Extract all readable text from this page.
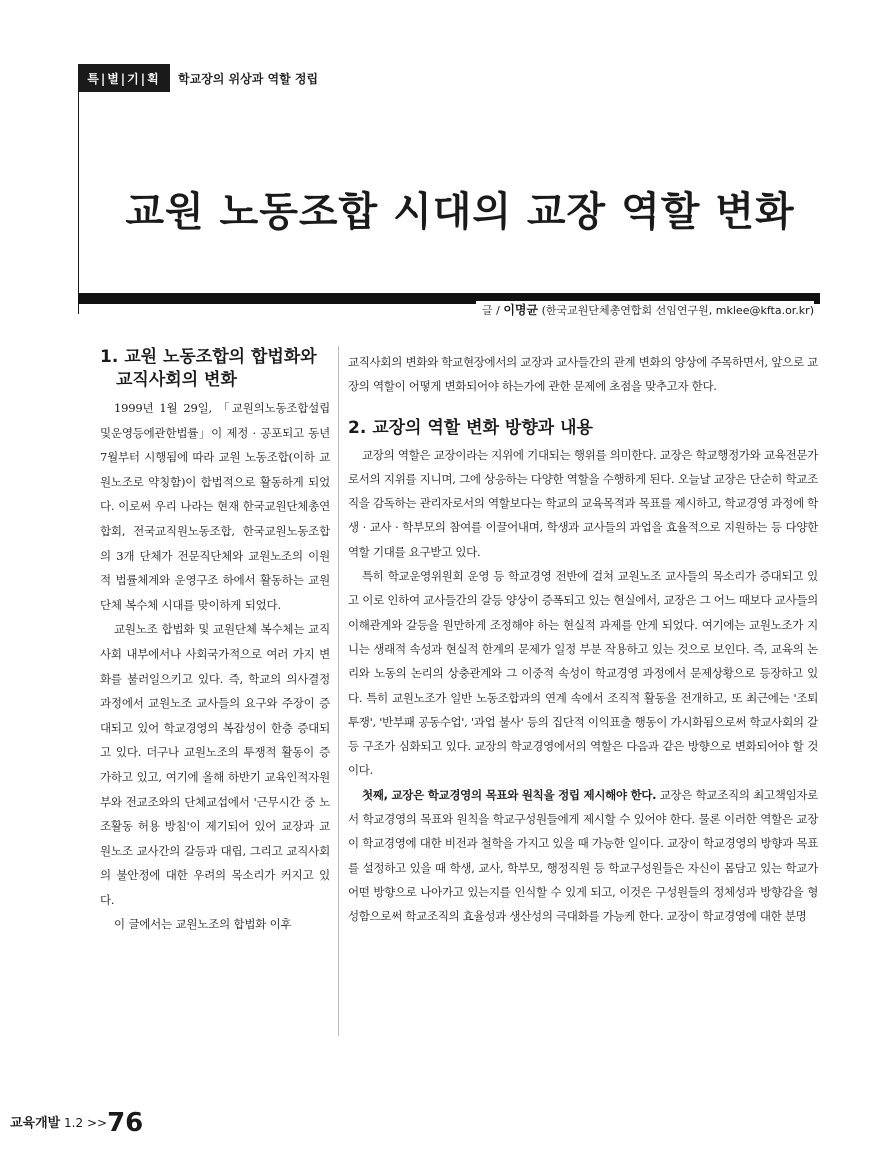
특|별|기|획	학교장의 위상과 역할 정립
교원 노동조합 시대의 교장 역할 변화
글 / 이명균 (한국교원단체총연합회 선임연구원, mklee@kfta.or.kr)
1. 교원 노동조합의 합법화와
교직사회의 변화

1999년 1월 29일, 「교원의노동조합설립및운영등에관한법률」이 제정 · 공포되고 동년 7월부터 시행됨에 따라 교원 노동조합(이하 교원노조로 약칭함)이 합법적으로 활동하게 되었다. 이로써 우리 나라는 현재 한국교원단체총연합회, 전국교직원노동조합, 한국교원노동조합의 3개 단체가 전문직단체와 교원노조의 이원적 법률체계와 운영구조 하에서 활동하는 교원단체 복수체 시대를 맞이하게 되었다.

교원노조 합법화 및 교원단체 복수체는 교직사회 내부에서나 사회국가적으로 여러 가지 변화를 불러일으키고 있다. 즉, 학교의 의사결정과정에서 교원노조 교사들의 요구와 주장이 증대되고 있어 학교경영의 복잡성이 한층 증대되고 있다. 더구나 교원노조의 투쟁적 활동이 증가하고 있고, 여기에 올해 하반기 교육인적자원부와 전교조와의 단체교섭에서 '근무시간 중 노조활동 허용 방침'이 제기되어 있어 교장과 교원노조 교사간의 갈등과 대립, 그리고 교직사회의 불안정에 대한 우려의 목소리가 커지고 있다.

이 글에서는 교원노조의 합법화 이후

교직사회의 변화와 학교현장에서의 교장과 교사들간의 관계 변화의 양상에 주목하면서, 앞으로 교장의 역할이 어떻게 변화되어야 하는가에 관한 문제에 초점을 맞추고자 한다.

2. 교장의 역할 변화 방향과 내용

교장의 역할은 교장이라는 지위에 기대되는 행위를 의미한다. 교장은 학교행정가와 교육전문가로서의 지위를 지니며, 그에 상응하는 다양한 역할을 수행하게 된다. 오늘날 교장은 단순히 학교조직을 감독하는 관리자로서의 역할보다는 학교의 교육목적과 목표를 제시하고, 학교경영 과정에 학생 · 교사 · 학부모의 참여를 이끌어내며, 학생과 교사들의 과업을 효율적으로 지원하는 등 다양한 역할 기대를 요구받고 있다.

특히 학교운영위원회 운영 등 학교경영 전반에 걸쳐 교원노조 교사들의 목소리가 증대되고 있고 이로 인하여 교사들간의 갈등 양상이 증폭되고 있는 현실에서, 교장은 그 어느 때보다 교사들의 이해관계와 갈등을 원만하게 조정해야 하는 현실적 과제를 안게 되었다. 여기에는 교원노조가 지니는 생래적 속성과 현실적 한계의 문제가 일정 부분 작용하고 있는 것으로 보인다. 즉, 교육의 논리와 노동의 논리의 상충관계와 그 이중적 속성이 학교경영 과정에서 문제상황으로 등장하고 있다. 특히 교원노조가 일반 노동조합과의 연계 속에서 조직적 활동을 전개하고, 또 최근에는 '조퇴 투쟁', '반부패 공동수업', '과업 불사' 등의 집단적 이익표출 행동이 가시화됨으로써 학교사회의 갈등 구조가 심화되고 있다. 교장의 학교경영에서의 역할은 다음과 같은 방향으로 변화되어야 할 것이다.

첫째, 교장은 학교경영의 목표와 원칙을 정립 제시해야 한다. 교장은 학교조직의 최고책임자로서 학교경영의 목표와 원칙을 학교구성원들에게 제시할 수 있어야 한다. 물론 이러한 역할은 교장이 학교경영에 대한 비전과 철학을 가지고 있을 때 가능한 일이다. 교장이 학교경영의 방향과 목표를 설정하고 있을 때 학생, 교사, 학부모, 행정직원 등 학교구성원들은 자신이 몸담고 있는 학교가 어떤 방향으로 나아가고 있는지를 인식할 수 있게 되고, 이것은 구성원들의 정체성과 방향감을 형성함으로써 학교조직의 효율성과 생산성의 극대화를 가능케 한다. 교장이 학교경영에 대한 분명

교육개발 1.2 >>76
